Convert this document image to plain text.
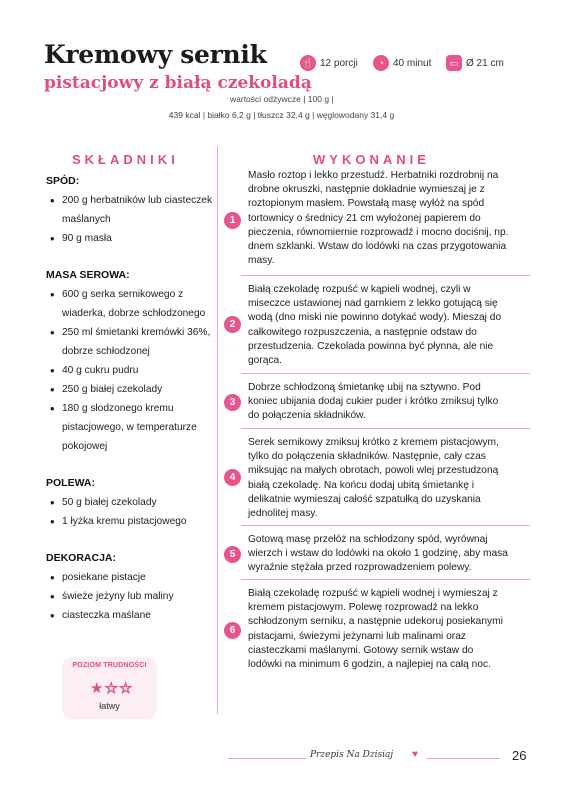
Kremowy sernik
pistacjowy z białą czekoladą
🍴 12 porcji	◔ 40 minut	▭ Ø 21 cm
wartości odżywcze | 100 g |
439 kcal | białko 6,2 g | tłuszcz 32,4 g | węglowodany 31,4 g
SKŁADNIKI	WYKONANIE
SPÓD:
• 200 g herbatników lub ciasteczek maślanych
• 90 g masła
MASA SEROWA:
• 600 g serka sernikowego z wiaderka, dobrze schłodzonego
• 250 ml śmietanki kremówki 36%, dobrze schłodzonej
• 40 g cukru pudru
• 250 g białej czekolady
• 180 g słodzonego kremu pistacjowego, w temperaturze pokojowej
POLEWA:
• 50 g białej czekolady
• 1 łyżka kremu pistacjowego
DEKORACJA:
• posiekane pistacje
• świeże jeżyny lub maliny
• ciasteczka maślane
POZIOM TRUDNOŚCI
★☆☆
łatwy
Masło roztop i lekko przestudź. Herbatniki rozdrobnij na drobne okruszki, następnie dokładnie wymieszaj je z roztopionym masłem. Powstałą masę wyłóż na spód tortownicy o średnicy 21 cm wyłożonej papierem do pieczenia, równomiernie rozprowadź i mocno dociśnij, np. dnem szklanki. Wstaw do lodówki na czas przygotowania masy.
1
Białą czekoladę rozpuść w kąpieli wodnej, czyli w miseczce ustawionej nad garnkiem z lekko gotującą się wodą (dno miski nie powinno dotykać wody). Mieszaj do całkowitego rozpuszczenia, a następnie odstaw do przestudzenia. Czekolada powinna być płynna, ale nie gorąca.
2
Dobrze schłodzoną śmietankę ubij na sztywno. Pod koniec ubijania dodaj cukier puder i krótko zmiksuj tylko do połączenia składników.
3
Serek sernikowy zmiksuj krótko z kremem pistacjowym, tylko do połączenia składników. Następnie, cały czas miksując na małych obrotach, powoli wlej przestudzoną białą czekoladę. Na końcu dodaj ubitą śmietankę i delikatnie wymieszaj całość szpatułką do uzyskania jednolitej masy.
4
Gotową masę przełóż na schłodzony spód, wyrównaj wierzch i wstaw do lodówki na około 1 godzinę, aby masa wyraźnie stężała przed rozprowadzeniem polewy.
5
Białą czekoladę rozpuść w kąpieli wodnej i wymieszaj z kremem pistacjowym. Polewę rozprowadź na lekko schłodzonym serniku, a następnie udekoruj posiekanymi pistacjami, świeżymi jeżynami lub malinami oraz ciasteczkami maślanymi. Gotowy sernik wstaw do lodówki na minimum 6 godzin, a najlepiej na całą noc.
6
Przepis Na Dzisiaj ♥	26
